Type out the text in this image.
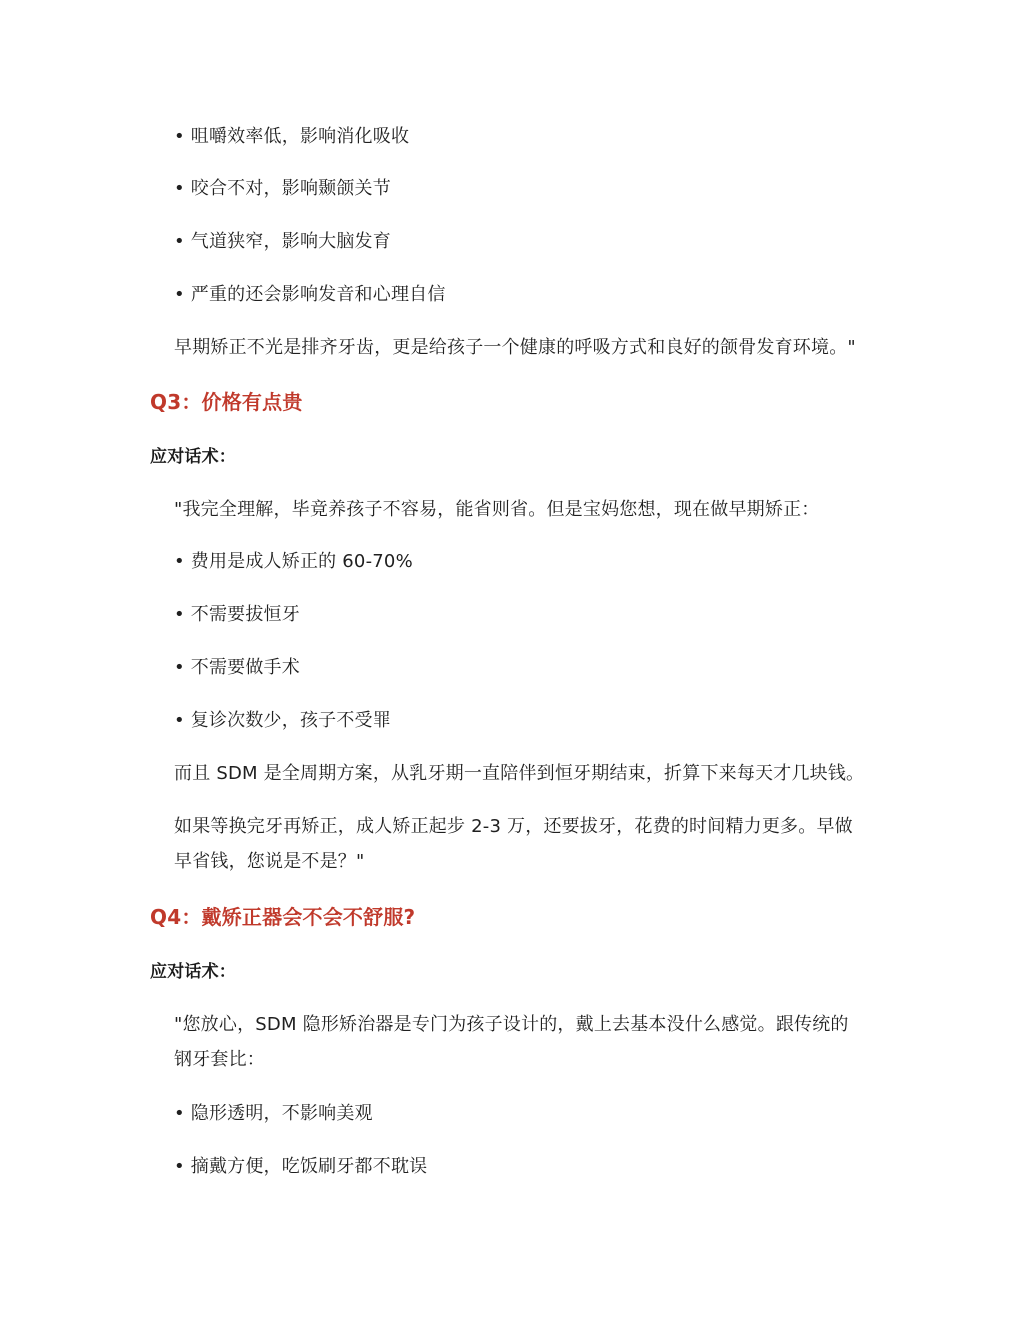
• 咀嚼效率低，影响消化吸收
• 咬合不对，影响颞颌关节
• 气道狭窄，影响大脑发育
• 严重的还会影响发音和心理自信
早期矫正不光是排齐牙齿，更是给孩子一个健康的呼吸方式和良好的颌骨发育环境。"
Q3：价格有点贵
应对话术：
"我完全理解，毕竟养孩子不容易，能省则省。但是宝妈您想，现在做早期矫正：
• 费用是成人矫正的 60-70%
• 不需要拔恒牙
• 不需要做手术
• 复诊次数少，孩子不受罪
而且 SDM 是全周期方案，从乳牙期一直陪伴到恒牙期结束，折算下来每天才几块钱。
如果等换完牙再矫正，成人矫正起步 2-3 万，还要拔牙，花费的时间精力更多。早做
早省钱，您说是不是？"
Q4：戴矫正器会不会不舒服?
应对话术：
"您放心，SDM 隐形矫治器是专门为孩子设计的，戴上去基本没什么感觉。跟传统的
钢牙套比：
• 隐形透明，不影响美观
• 摘戴方便，吃饭刷牙都不耽误
